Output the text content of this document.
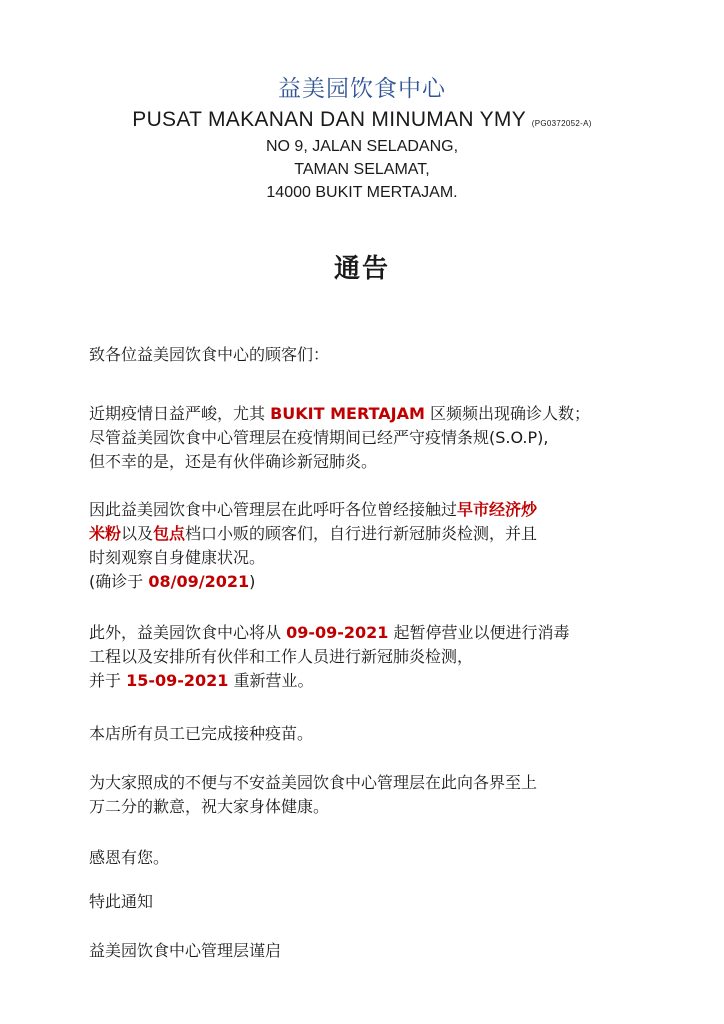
益美园饮食中心
PUSAT MAKANAN DAN MINUMAN YMY (PG0372052-A)
NO 9, JALAN SELADANG,
TAMAN SELAMAT,
14000 BUKIT MERTAJAM.
通告
致各位益美园饮食中心的顾客们：
近期疫情日益严峻，尤其 BUKIT MERTAJAM 区频频出现确诊人数；
尽管益美园饮食中心管理层在疫情期间已经严守疫情条规(S.O.P),
但不幸的是，还是有伙伴确诊新冠肺炎。
因此益美园饮食中心管理层在此呼吁各位曾经接触过早市经济炒
米粉以及包点档口小贩的顾客们，自行进行新冠肺炎检测，并且
时刻观察自身健康状况。
(确诊于 08/09/2021)
此外，益美园饮食中心将从 09-09-2021 起暂停营业以便进行消毒
工程以及安排所有伙伴和工作人员进行新冠肺炎检测，
并于 15-09-2021 重新营业。
本店所有员工已完成接种疫苗。
为大家照成的不便与不安益美园饮食中心管理层在此向各界至上
万二分的歉意，祝大家身体健康。
感恩有您。
特此通知
益美园饮食中心管理层谨启
